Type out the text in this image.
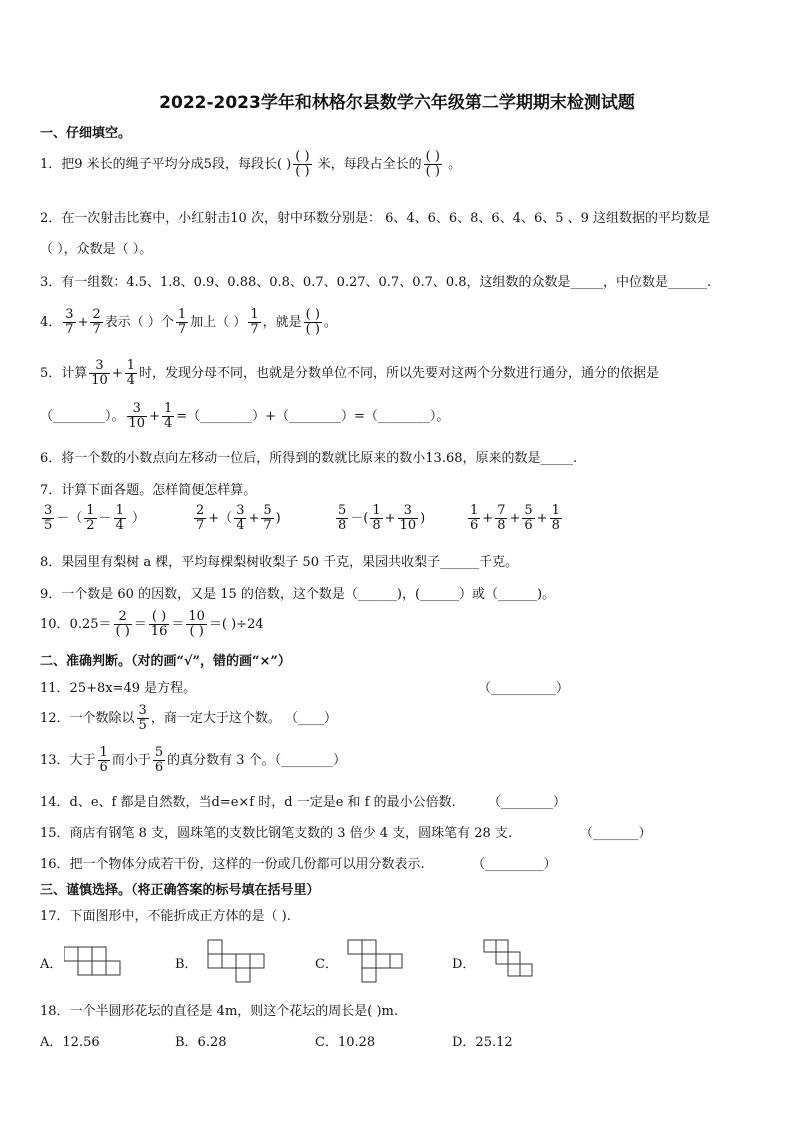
2022-2023学年和林格尔县数学六年级第二学期期末检测试题
一、仔细填空。
1．把9 米长的绳子平均分成5段，每段长( ) $\frac{( )}{( )}$ 米，每段占全长的 $\frac{( )}{( )}$ 。
2．在一次射击比赛中，小红射击10 次，射中环数分别是： 6、4、6、6、8、6、4、6、5 、9 这组数据的平均数是
（ ），众数是（ ）。
3．有一组数：4.5、1.8、0.9、0.88、0.8、0.7、0.27、0.7、0.7、0.8，这组数的众数是_____，中位数是______.
4． $\frac{3}{7} + \frac{2}{7}$ 表示（ ）个 $\frac{1}{7}$ 加上（ ） $\frac{1}{7}$ ，就是 $\frac{( )}{( )}$ 。
5．计算 $\frac{3}{10} + \frac{1}{4}$ 时，发现分母不同，也就是分数单位不同，所以先要对这两个分数进行通分，通分的依据是
（________）。 $\frac{3}{10} + \frac{1}{4}$ =（________）+（________）=（________）。
6．将一个数的小数点向左移动一位后，所得到的数就比原来的数小13.68，原来的数是_____.
7．计算下面各题。怎样简便怎样算。
$\frac{3}{5}$ －（ $\frac{1}{2} - \frac{1}{4}$ ）	$\frac{2}{7}$ +（ $\frac{3}{4} + \frac{5}{7}$ )	$\frac{5}{8}$ －( $\frac{1}{8} + \frac{3}{10}$ )	$\frac{1}{6} + \frac{7}{8} + \frac{5}{6} + \frac{1}{8}$
8．果园里有梨树 a 棵，平均每棵梨树收梨子 50 千克，果园共收梨子______千克。
9．一个数是 60 的因数，又是 15 的倍数，这个数是（______)，(______）或（______)。
10．$0.25= \frac{2}{( )} = \frac{( )}{16} = \frac{10}{( )}$ ＝( )÷24
二、准确判断。（对的画“√”，错的画“×”）
11．25+8x=49 是方程。	（__________）
12．一个数除以 $\frac{3}{5}$ ，商一定大于这个数。 （____）
13．大于 $\frac{1}{6}$ 而小于 $\frac{5}{6}$ 的真分数有 3 个。（________）
14．d、e、f 都是自然数，当d=e×f 时，d 一定是e 和 f 的最小公倍数. （________）
15．商店有钢笔 8 支，圆珠笔的支数比钢笔支数的 3 倍少 4 支，圆珠笔有 28 支.	（_______）
16．把一个物体分成若干份，这样的一份或几份都可以用分数表示.	（_________）
三、谨慎选择。（将正确答案的标号填在括号里）
17．下面图形中，不能折成正方体的是（ ).
A．	B．	C．	D．
18．一个半圆形花坛的直径是 4m，则这个花坛的周长是( )m.
A．12.56	B．6.28	C．10.28	D．25.12
